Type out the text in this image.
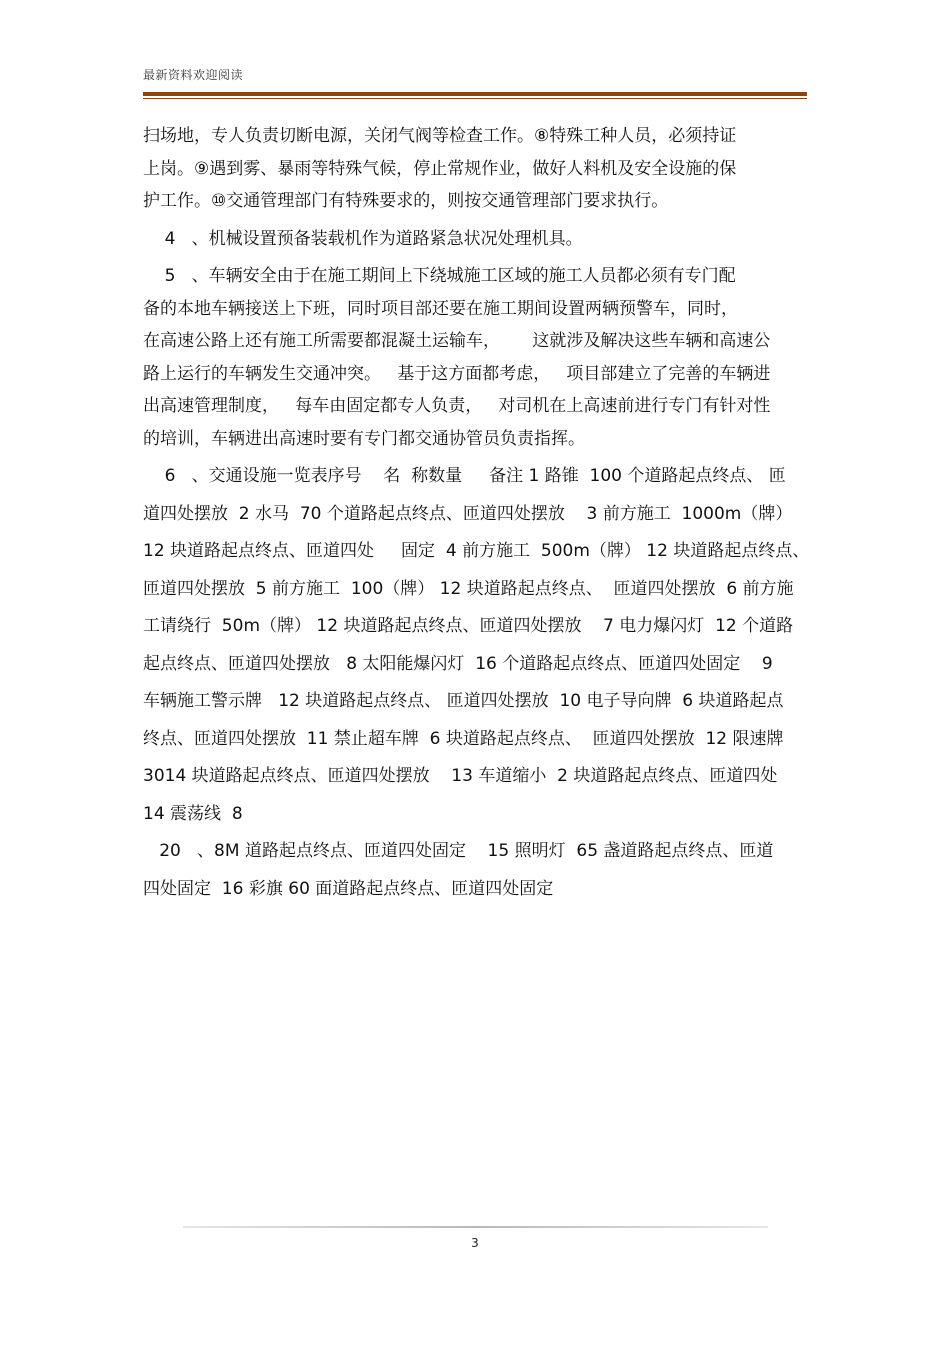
最新资料欢迎阅读
扫场地，专人负责切断电源，关闭气阀等检查工作。⑧特殊工种人员，必须持证
上岗。⑨遇到雾、暴雨等特殊气候，停止常规作业，做好人料机及安全设施的保
护工作。⑩交通管理部门有特殊要求的，则按交通管理部门要求执行。
4   、机械设置预备装载机作为道路紧急状况处理机具。
5   、车辆安全由于在施工期间上下绕城施工区域的施工人员都必须有专门配
备的本地车辆接送上下班，同时项目部还要在施工期间设置两辆预警车，同时，
在高速公路上还有施工所需要都混凝土运输车，      这就涉及解决这些车辆和高速公
路上运行的车辆发生交通冲突。   基于这方面都考虑，   项目部建立了完善的车辆进
出高速管理制度，   每车由固定都专人负责，   对司机在上高速前进行专门有针对性
的培训，车辆进出高速时要有专门都交通协管员负责指挥。
6   、交通设施一览表序号    名  称数量     备注 1 路锥  100 个道路起点终点、 匝
道四处摆放  2 水马  70 个道路起点终点、匝道四处摆放    3 前方施工  1000m（牌）
12 块道路起点终点、匝道四处     固定  4 前方施工  500m（牌） 12 块道路起点终点、
匝道四处摆放  5 前方施工  100（牌） 12 块道路起点终点、  匝道四处摆放  6 前方施
工请绕行  50m（牌） 12 块道路起点终点、匝道四处摆放    7 电力爆闪灯  12 个道路
起点终点、匝道四处摆放   8 太阳能爆闪灯  16 个道路起点终点、匝道四处固定    9
车辆施工警示牌   12 块道路起点终点、 匝道四处摆放  10 电子导向牌  6 块道路起点
终点、匝道四处摆放  11 禁止超车牌  6 块道路起点终点、  匝道四处摆放  12 限速牌
3014 块道路起点终点、匝道四处摆放    13 车道缩小  2 块道路起点终点、匝道四处
14 震荡线  8
20   、8M 道路起点终点、匝道四处固定    15 照明灯  65 盏道路起点终点、匝道
四处固定  16 彩旗 60 面道路起点终点、匝道四处固定
3
